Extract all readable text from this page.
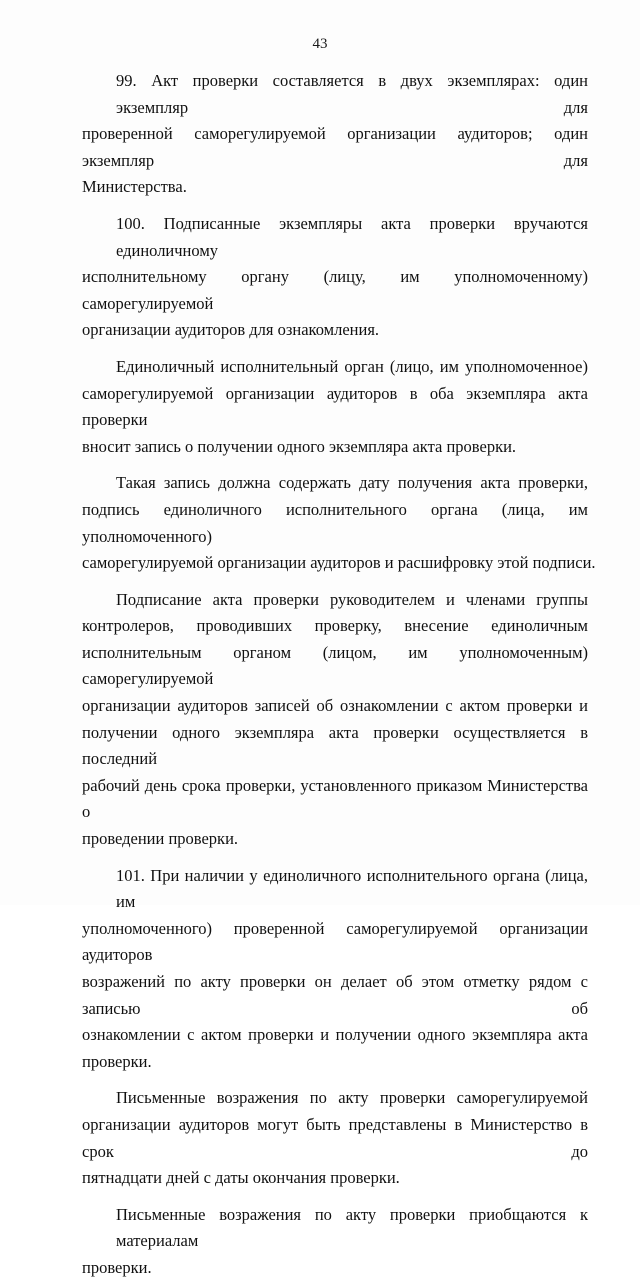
43
99. Акт проверки составляется в двух экземплярах: один экземпляр для
проверенной саморегулируемой организации аудиторов; один экземпляр для
Министерства.
100. Подписанные экземпляры акта проверки вручаются единоличному
исполнительному органу (лицу, им уполномоченному) саморегулируемой
организации аудиторов для ознакомления.
Единоличный исполнительный орган (лицо, им уполномоченное)
саморегулируемой организации аудиторов в оба экземпляра акта проверки
вносит запись о получении одного экземпляра акта проверки.
Такая запись должна содержать дату получения акта проверки,
подпись единоличного исполнительного органа (лица, им уполномоченного)
саморегулируемой организации аудиторов и расшифровку этой подписи.
Подписание акта проверки руководителем и членами группы
контролеров, проводивших проверку, внесение единоличным
исполнительным органом (лицом, им уполномоченным) саморегулируемой
организации аудиторов записей об ознакомлении с актом проверки и
получении одного экземпляра акта проверки осуществляется в последний
рабочий день срока проверки, установленного приказом Министерства о
проведении проверки.
101. При наличии у единоличного исполнительного органа (лица, им
уполномоченного) проверенной саморегулируемой организации аудиторов
возражений по акту проверки он делает об этом отметку рядом с записью об
ознакомлении с актом проверки и получении одного экземпляра акта
проверки.
Письменные возражения по акту проверки саморегулируемой
организации аудиторов могут быть представлены в Министерство в срок до
пятнадцати дней с даты окончания проверки.
Письменные возражения по акту проверки приобщаются к материалам
проверки.
